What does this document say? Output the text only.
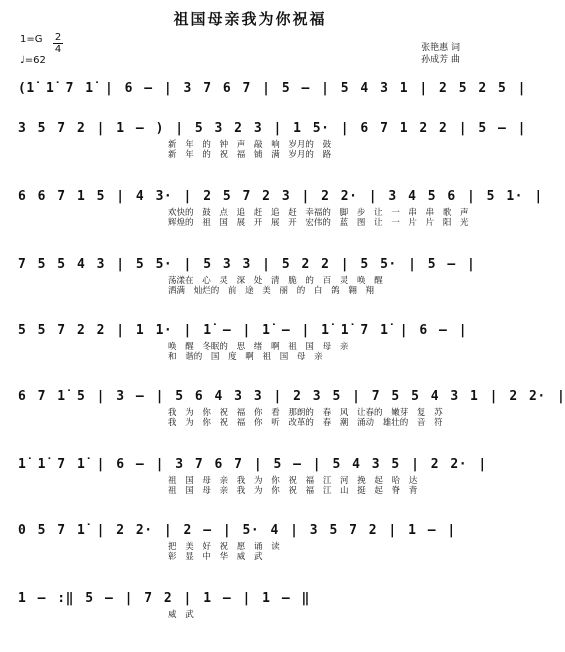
祖国母亲我为你祝福
$1=G \frac{2}{4}$
♩=62
张艳惠 词
孙成芳 曲
(1̇ 1̇ 7 1̇ | 6 – | 3 7 6 7 | 5 – | 5 4 3 1 | 2 5 2 5 |
3 5 7 2 | 1 – ) | 5 3 2 3 | 1 5· | 6 7 1 2 2 | 5 – |
新 年 的 钟 声 敲 响 岁月的 鼓
新 年 的 祝 福 铺 满 岁月的 路
6 6 7 1 5 | 4 3· | 2 5 7 2 3 | 2 2· | 3 4 5 6 | 5 1· |
欢快的 鼓 点 追 赶 追 赶 幸福的 脚 步 让 一 串 串 歌 声
辉煌的 祖 国 展 开 展 开 宏伟的 蓝 图 让 一 片 片 阳 光
7 5 5 4 3 | 5 5· | 5 3 3 | 5 2 2 | 5 5· | 5 – |
荡漾在 心 灵 深 处 清 脆 的 百 灵 唤 醒
洒满 灿烂的 前 途 美 丽 的 白 鸽 翱 翔
5 5 7 2 2 | 1 1· | 1̇ – | 1̇ – | 1̇ 1̇ 7 1̇ | 6 – |
唤 醒 冬眠的 思 绪 啊 祖 国 母 亲
和 谐的 国 度 啊 祖 国 母 亲
6 7 1̇ 5 | 3 – | 5 6 4 3 3 | 2 3 5 | 7 5 5 4 3 1 | 2 2· |
我 为 你 祝 福 你 看 那朗的 春 风 让春的 嫩芽 复 苏
我 为 你 祝 福 你 听 改革的 春 潮 涌动 雄壮的 音 符
1̇ 1̇ 7 1̇ | 6 – | 3 7 6 7 | 5 – | 5 4 3 5 | 2 2· |
祖 国 母 亲 我 为 你 祝 福 江 河 挽 起 哈 达
祖 国 母 亲 我 为 你 祝 福 江 山 挺 起 脊 背
0 5 7 1̇ | 2 2· | 2 – | 5· 4 | 3 5 7 2 | 1 – |
把 美 好 祝 愿 诵 读
彰 显 中 华 威 武
1 – :‖ 5 – | 7 2 | 1 – | 1 – ‖
威 武
